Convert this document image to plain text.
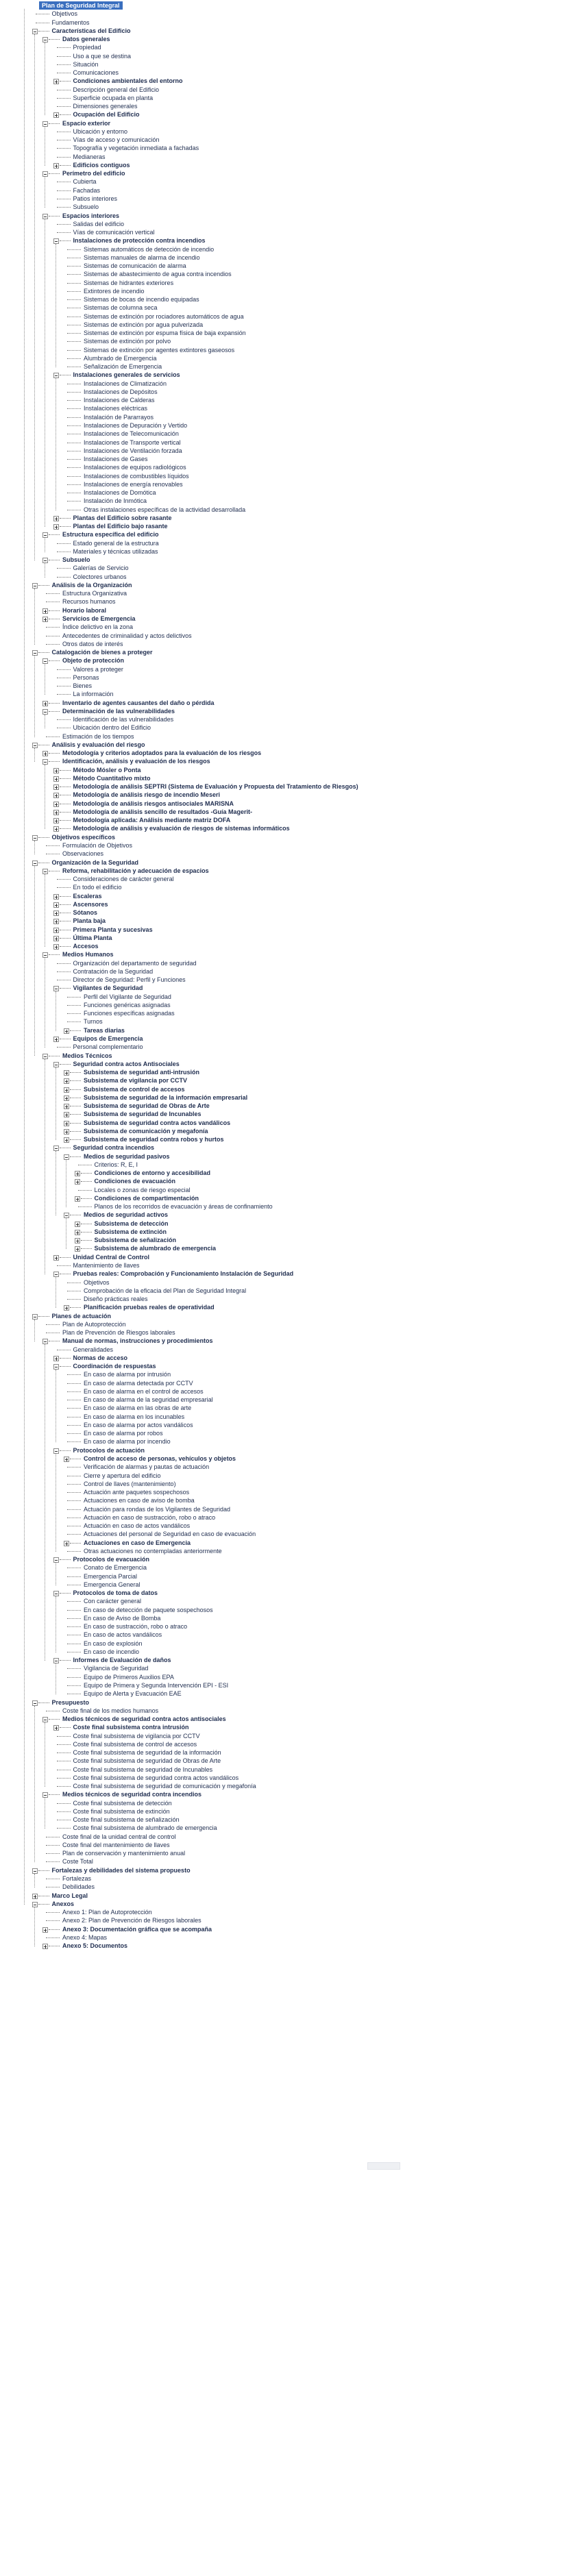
Plan de Seguridad Integral
Objetivos
Fundamentos
Características del Edificio
Datos generales
Propiedad
Uso a que se destina
Situación
Comunicaciones
Condiciones ambientales del entorno
Descripción general del Edificio
Superficie ocupada en planta
Dimensiones generales
Ocupación del Edificio
Espacio exterior
Ubicación y entorno
Vías de acceso y comunicación
Topografía y vegetación inmediata a fachadas
Medianeras
Edificios contiguos
Perímetro del edificio
Cubierta
Fachadas
Patios interiores
Subsuelo
Espacios interiores
Salidas del edificio
Vías de comunicación vertical
Instalaciones de protección contra incendios
Sistemas automáticos de detección de incendio
Sistemas manuales de alarma de incendio
Sistemas de comunicación de alarma
Sistemas de abastecimiento de agua contra incendios
Sistemas de hidrantes exteriores
Extintores de incendio
Sistemas de bocas de incendio equipadas
Sistemas de columna seca
Sistemas de extinción por rociadores automáticos de agua
Sistemas de extinción por agua pulverizada
Sistemas de extinción por espuma física de baja expansión
Sistemas de extinción por polvo
Sistemas de extinción por agentes extintores gaseosos
Alumbrado de Emergencia
Señalización de Emergencia
Instalaciones generales de servicios
Instalaciones de Climatización
Instalaciones de Depósitos
Instalaciones de Calderas
Instalaciones eléctricas
Instalación de Pararrayos
Instalaciones de Depuración y Vertido
Instalaciones de Telecomunicación
Instalaciones de Transporte vertical
Instalaciones de Ventilación forzada
Instalaciones de Gases
Instalaciones de equipos radiológicos
Instalaciones de combustibles líquidos
Instalaciones de energía renovables
Instalaciones de Domótica
Instalación de Inmótica
Otras instalaciones específicas de la actividad desarrollada
Plantas del Edificio sobre rasante
Plantas del Edificio bajo rasante
Estructura específica del edificio
Estado general de la estructura
Materiales y técnicas utilizadas
Subsuelo
Galerías de Servicio
Colectores urbanos
Análisis de la Organización
Estructura Organizativa
Recursos humanos
Horario laboral
Servicios de Emergencia
Índice delictivo en la zona
Antecedentes de criminalidad y actos delictivos
Otros datos de interés
Catalogación de bienes a proteger
Objeto de protección
Valores a proteger
Personas
Bienes
La información
Inventario de agentes causantes del daño o pérdida
Determinación de las vulnerabilidades
Identificación de las vulnerabilidades
Ubicación dentro del Edificio
Estimación de los tiempos
Análisis y evaluación del riesgo
Metodología y criterios adoptados para la evaluación de los riesgos
Identificación, análisis y evaluación de los riesgos
Método Mósler o Ponta
Método Cuantitativo mixto
Metodología de análisis SEPTRI (Sistema de Evaluación y Propuesta del Tratamiento de Riesgos)
Metodología de análisis riesgo de incendio Meseri
Metodología de análisis riesgos antisociales MARISNA
Metodología de análisis sencillo de resultados -Guía Magerit-
Metodología aplicada: Análisis mediante matriz DOFA
Metodología de análisis y evaluación de riesgos de sistemas informáticos
Objetivos específicos
Formulación de Objetivos
Observaciones
Organización de la Seguridad
Reforma, rehabilitación y adecuación de espacios
Consideraciones de carácter general
En todo el edificio
Escaleras
Ascensores
Sótanos
Planta baja
Primera Planta y sucesivas
Última Planta
Accesos
Medios Humanos
Organización del departamento de seguridad
Contratación de la Seguridad
Director de Seguridad: Perfil y Funciones
Vigilantes de Seguridad
Perfil del Vigilante de Seguridad
Funciones genéricas asignadas
Funciones específicas asignadas
Turnos
Tareas diarias
Equipos de Emergencia
Personal complementario
Medios Técnicos
Seguridad contra actos Antisociales
Subsistema de seguridad anti-intrusión
Subsistema de vigilancia por CCTV
Subsistema de control de accesos
Subsistema de seguridad de la información empresarial
Subsistema de seguridad de Obras de Arte
Subsistema de seguridad de Incunables
Subsistema de seguridad contra actos vandálicos
Subsistema de comunicación y megafonía
Subsistema de seguridad contra robos y hurtos
Seguridad contra incendios
Medios de seguridad pasivos
Criterios: R, E, I
Condiciones de entorno y accesibilidad
Condiciones de evacuación
Locales o zonas de riesgo especial
Condiciones de compartimentación
Planos de los recorridos de evacuación y áreas de confinamiento
Medios de seguridad activos
Subsistema de detección
Subsistema de extinción
Subsistema de señalización
Subsistema de alumbrado de emergencia
Unidad Central de Control
Mantenimiento de llaves
Pruebas reales: Comprobación y Funcionamiento Instalación de Seguridad
Objetivos
Comprobación de la eficacia del Plan de Seguridad Integral
Diseño prácticas reales
Planificación pruebas reales de operatividad
Planes de actuación
Plan de Autoprotección
Plan de Prevención de Riesgos laborales
Manual de normas, instrucciones y procedimientos
Generalidades
Normas de acceso
Coordinación de respuestas
En caso de alarma por intrusión
En caso de alarma detectada por CCTV
En caso de alarma en el control de accesos
En caso de alarma de la seguridad empresarial
En caso de alarma en las obras de arte
En caso de alarma en los incunables
En caso de alarma por actos vandálicos
En caso de alarma por robos
En caso de alarma por incendio
Protocolos de actuación
Control de acceso de personas, vehículos y objetos
Verificación de alarmas y pautas de actuación
Cierre y apertura del edificio
Control de llaves (mantenimiento)
Actuación ante paquetes sospechosos
Actuaciones en caso de aviso de bomba
Actuación para rondas de los Vigilantes de Seguridad
Actuación en caso de sustracción, robo o atraco
Actuación en caso de actos vandálicos
Actuaciones del personal de Seguridad en caso de evacuación
Actuaciones en caso de Emergencia
Otras actuaciones no contempladas anteriormente
Protocolos de evacuación
Conato de Emergencia
Emergencia Parcial
Emergencia General
Protocolos de toma de datos
Con carácter general
En caso de detección de paquete sospechosos
En caso de Aviso de Bomba
En caso de sustracción, robo o atraco
En caso de actos vandálicos
En caso de explosión
En caso de incendio
Informes de Evaluación de daños
Vigilancia de Seguridad
Equipo de Primeros Auxilios EPA
Equipo de Primera y Segunda Intervención EPI - ESI
Equipo de Alerta y Evacuación EAE
Presupuesto
Coste final de los medios humanos
Medios técnicos de seguridad contra actos antisociales
Coste final subsistema contra intrusión
Coste final subsistema de vigilancia por CCTV
Coste final subsistema de control de accesos
Coste final subsistema de seguridad de la información
Coste final subsistema de seguridad de Obras de Arte
Coste final subsistema de seguridad de Incunables
Coste final subsistema de seguridad contra actos vandálicos
Coste final subsistema de seguridad de comunicación y megafonía
Medios técnicos de seguridad contra incendios
Coste final subsistema de detección
Coste final subsistema de extinción
Coste final subsistema de señalización
Coste final subsistema de alumbrado de emergencia
Coste final de la unidad central de control
Coste final del mantenimiento de llaves
Plan de conservación y mantenimiento anual
Coste Total
Fortalezas y debilidades del sistema propuesto
Fortalezas
Debilidades
Marco Legal
Anexos
Anexo 1: Plan de Autoprotección
Anexo 2: Plan de Prevención de Riesgos laborales
Anexo 3: Documentación gráfica que se acompaña
Anexo 4: Mapas
Anexo 5: Documentos
